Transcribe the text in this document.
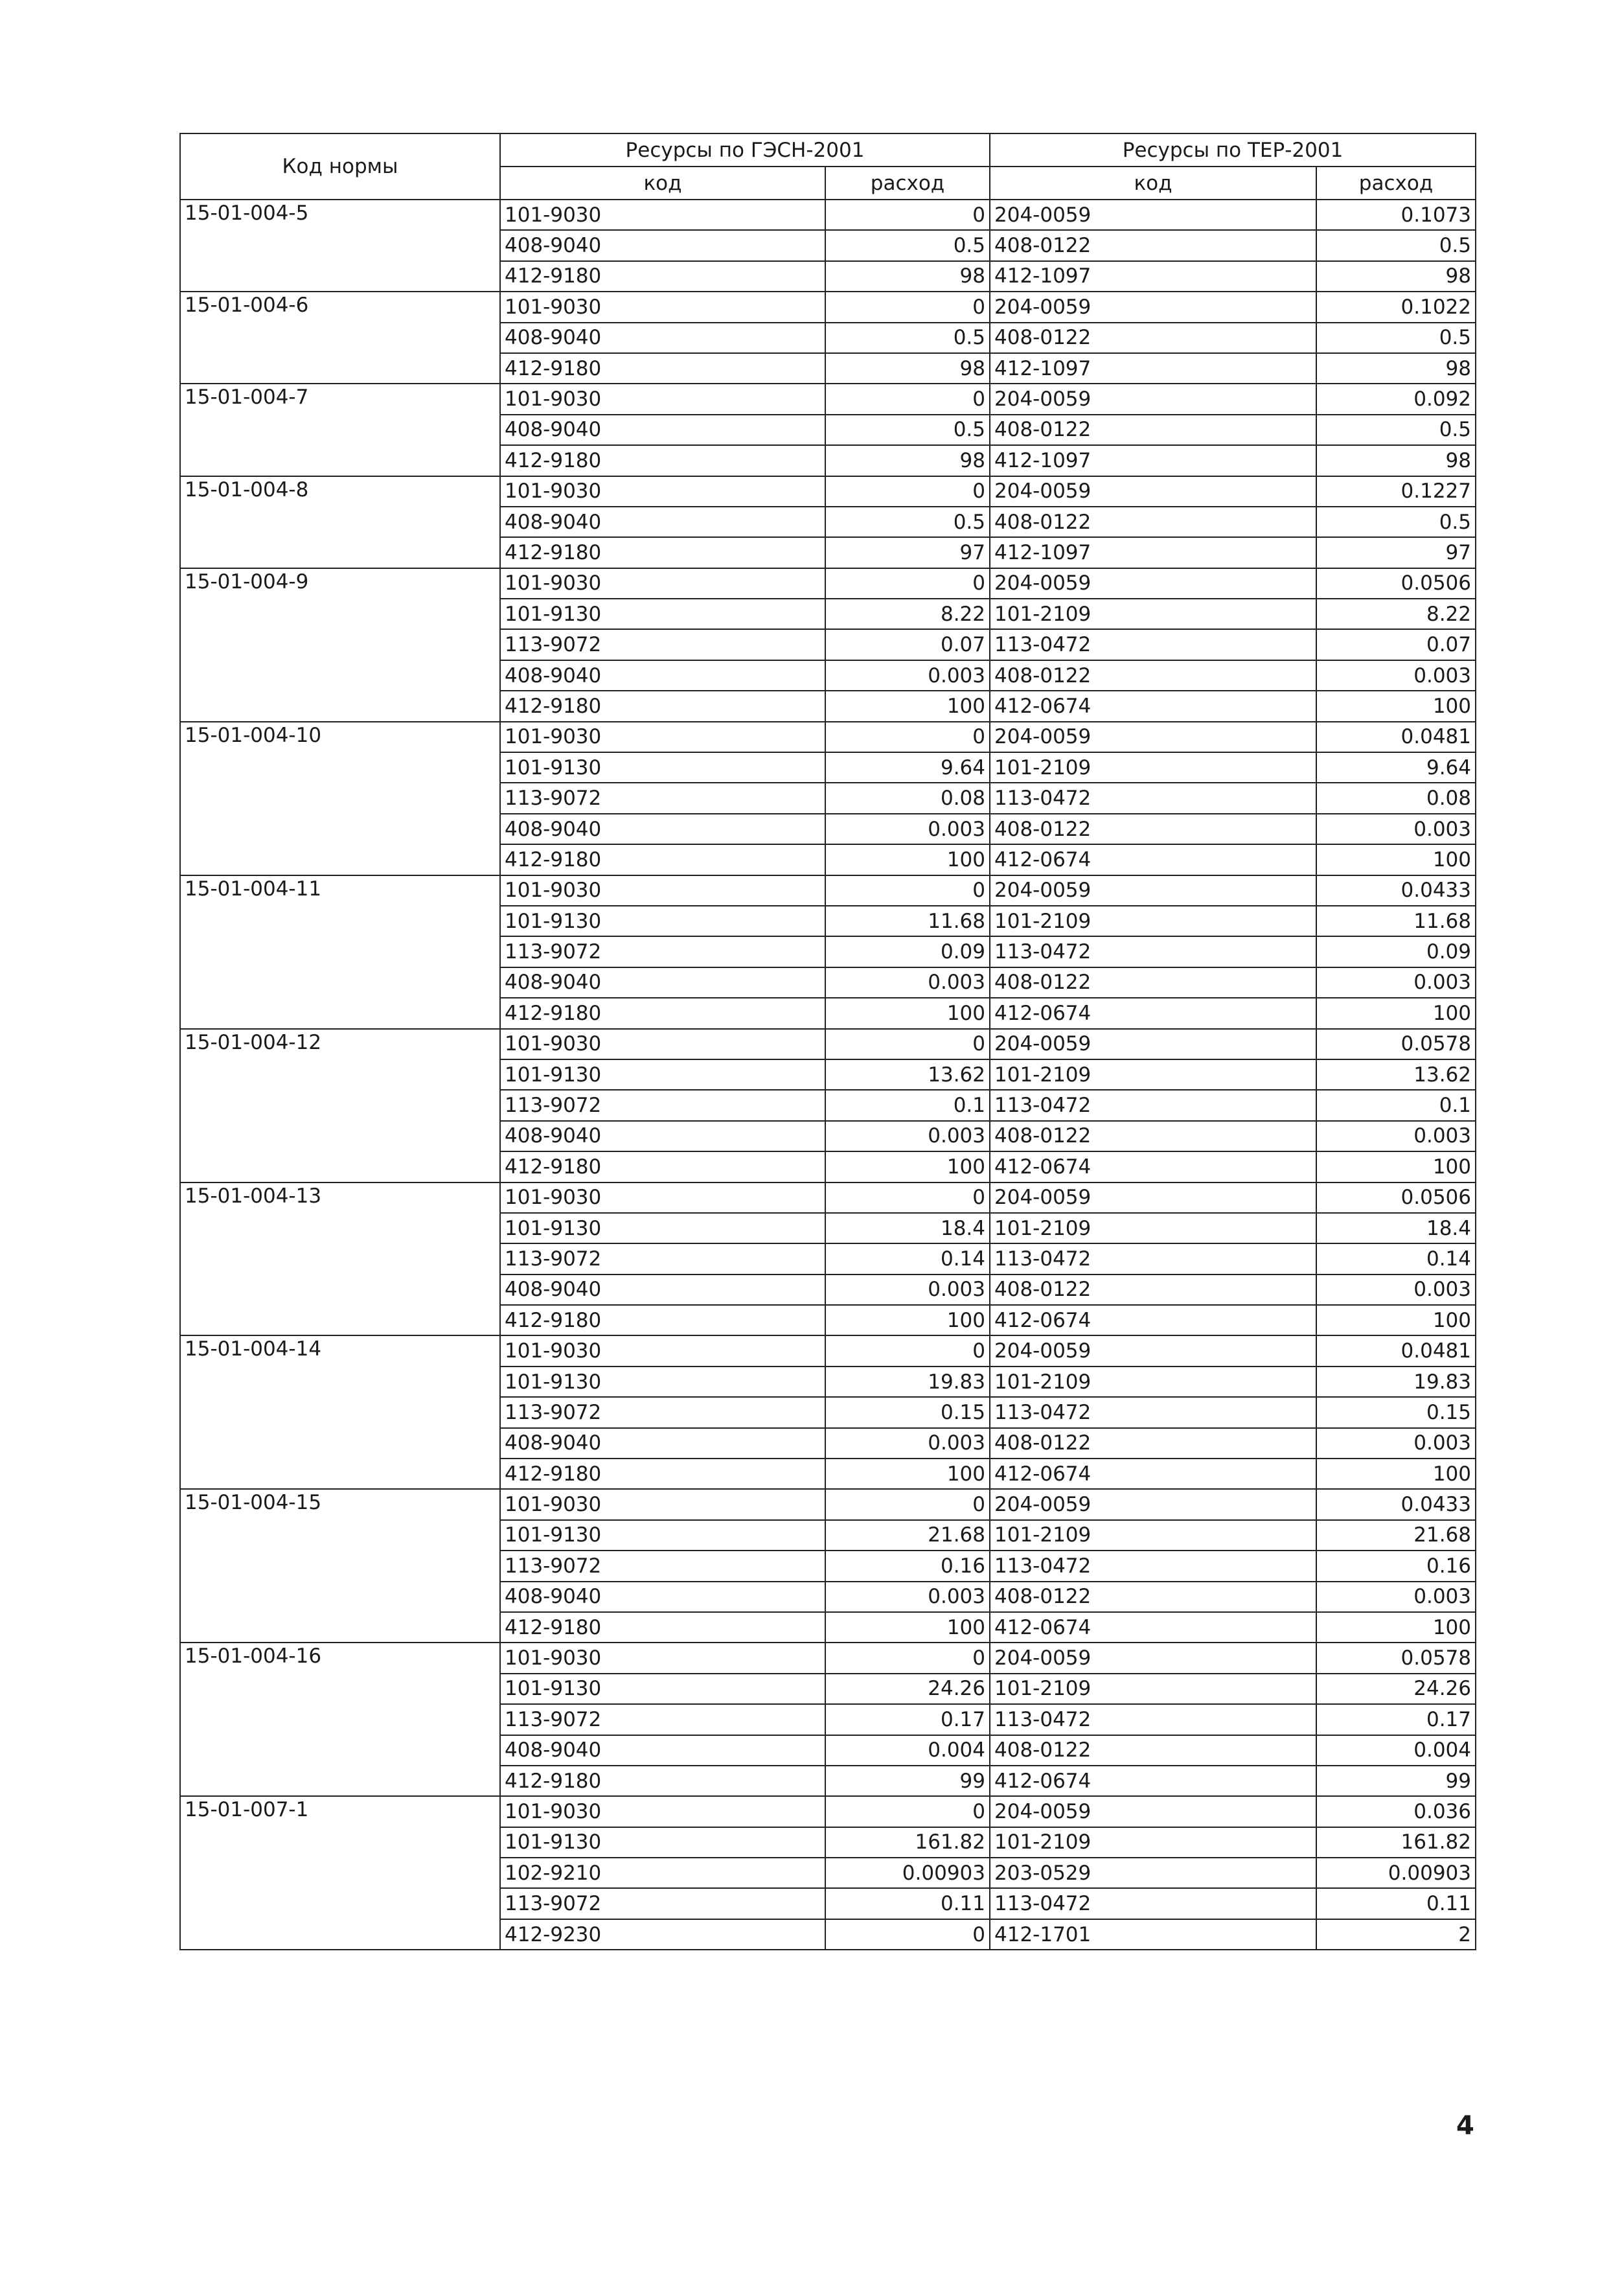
Код нормы	Ресурсы по ГЭСН-2001		Ресурсы по ТЕР-2001	
	код	расход	код	расход
15-01-004-5	101-9030	0	204-0059	0.1073
	408-9040	0.5	408-0122	0.5
	412-9180	98	412-1097	98
15-01-004-6	101-9030	0	204-0059	0.1022
	408-9040	0.5	408-0122	0.5
	412-9180	98	412-1097	98
15-01-004-7	101-9030	0	204-0059	0.092
	408-9040	0.5	408-0122	0.5
	412-9180	98	412-1097	98
15-01-004-8	101-9030	0	204-0059	0.1227
	408-9040	0.5	408-0122	0.5
	412-9180	97	412-1097	97
15-01-004-9	101-9030	0	204-0059	0.0506
	101-9130	8.22	101-2109	8.22
	113-9072	0.07	113-0472	0.07
	408-9040	0.003	408-0122	0.003
	412-9180	100	412-0674	100
15-01-004-10	101-9030	0	204-0059	0.0481
	101-9130	9.64	101-2109	9.64
	113-9072	0.08	113-0472	0.08
	408-9040	0.003	408-0122	0.003
	412-9180	100	412-0674	100
15-01-004-11	101-9030	0	204-0059	0.0433
	101-9130	11.68	101-2109	11.68
	113-9072	0.09	113-0472	0.09
	408-9040	0.003	408-0122	0.003
	412-9180	100	412-0674	100
15-01-004-12	101-9030	0	204-0059	0.0578
	101-9130	13.62	101-2109	13.62
	113-9072	0.1	113-0472	0.1
	408-9040	0.003	408-0122	0.003
	412-9180	100	412-0674	100
15-01-004-13	101-9030	0	204-0059	0.0506
	101-9130	18.4	101-2109	18.4
	113-9072	0.14	113-0472	0.14
	408-9040	0.003	408-0122	0.003
	412-9180	100	412-0674	100
15-01-004-14	101-9030	0	204-0059	0.0481
	101-9130	19.83	101-2109	19.83
	113-9072	0.15	113-0472	0.15
	408-9040	0.003	408-0122	0.003
	412-9180	100	412-0674	100
15-01-004-15	101-9030	0	204-0059	0.0433
	101-9130	21.68	101-2109	21.68
	113-9072	0.16	113-0472	0.16
	408-9040	0.003	408-0122	0.003
	412-9180	100	412-0674	100
15-01-004-16	101-9030	0	204-0059	0.0578
	101-9130	24.26	101-2109	24.26
	113-9072	0.17	113-0472	0.17
	408-9040	0.004	408-0122	0.004
	412-9180	99	412-0674	99
15-01-007-1	101-9030	0	204-0059	0.036
	101-9130	161.82	101-2109	161.82
	102-9210	0.00903	203-0529	0.00903
	113-9072	0.11	113-0472	0.11
	412-9230	0	412-1701	2
4
